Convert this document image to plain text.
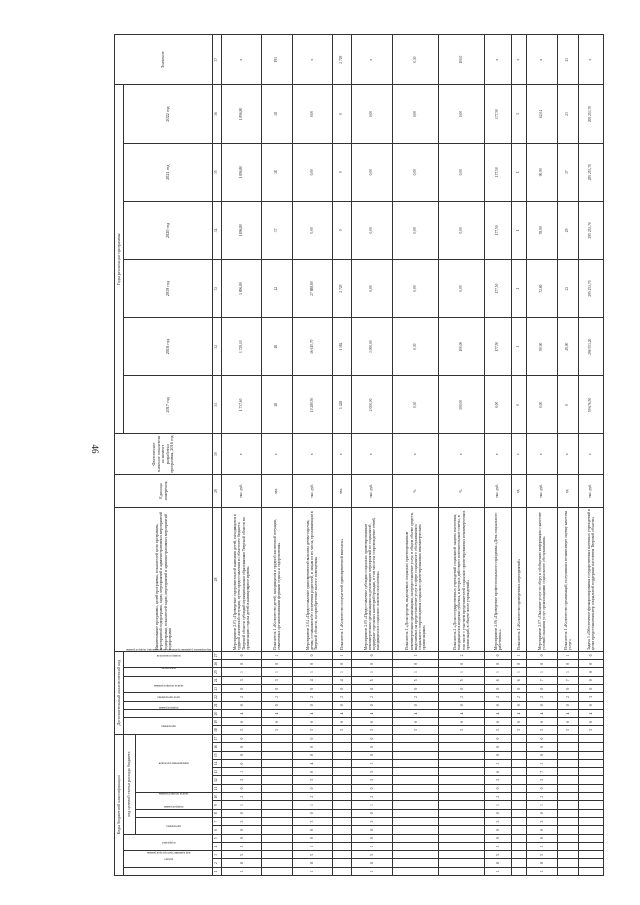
46
Коды бюджетной классификации																	Дополнительный аналитический код										Наименование программы, целей программы, показателей цели программы, мероприятий подпрограмм, задач, мероприятий и административных мероприятий подпрограмм, показателей задач, мероприятий и административных мероприятий подпрограмм	Единица измерения	Фактическое значение показателя на момент разработки программы, 2016 год	Годы реализации программы						Значение
код администратора программы	раздел		подраздел		код целевой статьи расхода бюджета												программа		подпрограмма	цель программы	задача подпрограммы	мероприятие (административное мероприятие) подпрограммы		показатель	номер показателя					2017 год	2018 год	2019 год	2020 год	2021 год	2022 год	
					программа		подпрограмма	задача подпрограммы		направление расходов																										
1	2	3	4	5	6	7	8	9	10	11	12	13	14	15	16	17	18	19	20	21	22	23	24	25	26	27	28	29	30	31	32	33	34	35	36	37
1	8	5	1	0	0	3	0	1	2	0	3	1	0	0	0	0	3	6	4	0	2	0	3	1	0	0	Мероприятие 2.03 «Проведение оздоровительной кампании детей, находящихся в трудной жизненной ситуации, путем предоставления из областного бюджета Тверской области субсидий муниципальным образованиям Тверской области на организацию отдыха детей в каникулярное время»	тыс. руб.	х	1 737,60	1 729,10	1 896,80	1 896,80	1 896,80	1 896,80	х
																	3	6	4	0	2	0	3	1	0	1	Показатель 1 «Количество детей, находящихся в трудной жизненной ситуации, охваченных организованными формами отдыха и оздоровления»	чел.	х	18	18	42	37	38	38	191
1	8	5	1	0	0	3	0	1	2	0	3	0	4	0	0	0	3	6	4	0	2	0	4	1	0	0	Мероприятие 2.04 «Предоставление единовременной выплаты детям-сиротам, детям, оставшимся без попечения родителей, и лицам из их числа, проживающим в Тверской области, на приобретение жилого помещения»	тыс. руб.	х	10 280,50	16 615,70	27 888,80	0,00	0,00	0,00	х
																	3	6	4	0	2	0	4	1	0	1	Показатель 1 «Количество получателей единовременной выплаты»	чел.	х	1 428	1 384	2 729	0	0	0	2 729
1	8	5	1	0	0	3	0	1	2	0	3	5	1	0	0	0	3	6	4	0	2	0	5	1	0	0	Мероприятие 2.05 «Предоставление субсидии социально ориентированным некоммерческим организациям на реализацию мероприятий по социальной поддержке отдельных категорий граждан, в том числе на сопровождение семей, находящихся в социально опасном положении»	тыс. руб.	х	2 000,00	3 000,00	0,00	0,00	0,00	0,00	х
																	3	6	4	0	2	0	5	1	0	1	Показатель 1 «Доля средств, выделяемых социально ориентированным некоммерческим организациям, на предоставление услуг, в общем объеме средств, выделяемых на предоставление услуг в сфере социального обслуживания и социального сопровождения социально ориентированным некоммерческим организациям»	%	х	0,30	0,30	0,00	0,00	0,00	0,00	0,30
																	3	6	4	0	2	0	5	1	0	2	Показатель 2 «Доля государственных учреждений социальной защиты населения, находящихся в ведении субъекта, в которых действуют попечительские советы, в том числе с участием представителей социально ориентированных некоммерческих организаций, в общем числе учреждений»	%	х	100,00	100,00	0,00	0,00	0,00	0,00	100,0
1	8	5	1	0	0	3	0	1	2	0	3	6	1	0	0	0	3	6	4	0	2	0	6	1	0	0	Мероприятие 2.06 «Проведение профессионального праздника «День социального работника»»	тыс. руб.	х	0,00	177,50	177,50	177,50	177,50	177,50	х
																	3	6	4	0	2	0	6	1	0	1	Показатель 1 «Количество проведенных мероприятий»	ед.	х	0	1	1	1	1	1	х
1	8	5	1	0	0	3	0	1	2	0	3	7	1	0	0	0	3	6	4	0	2	0	7	1	0	0	Мероприятие 2.07 «Оказание услуг по сбору и обобщению информации о качестве условий оказания услуг организациями социального обслуживания»	тыс. руб.	х	0,00	90,00	72,80	78,90	90,90	62,04	х
																	3	6	4	0	2	0	7	1	0	1	Показатель 1 «Количество организаций, получивших независимую оценку качества услуг»	ед.	х	0	49,00	23	29	37	23	23
																	3	6	4	0	3	0	0	0	0	0	Задача 3 «Обеспечение функционирования государственных казенных учреждений в целях предоставления мер социальной поддержки населения Тверской области»	тыс. руб.	х	59 676,50	296 553,20	295 253,70	295 253,70	295 253,70	295 253,70	х
